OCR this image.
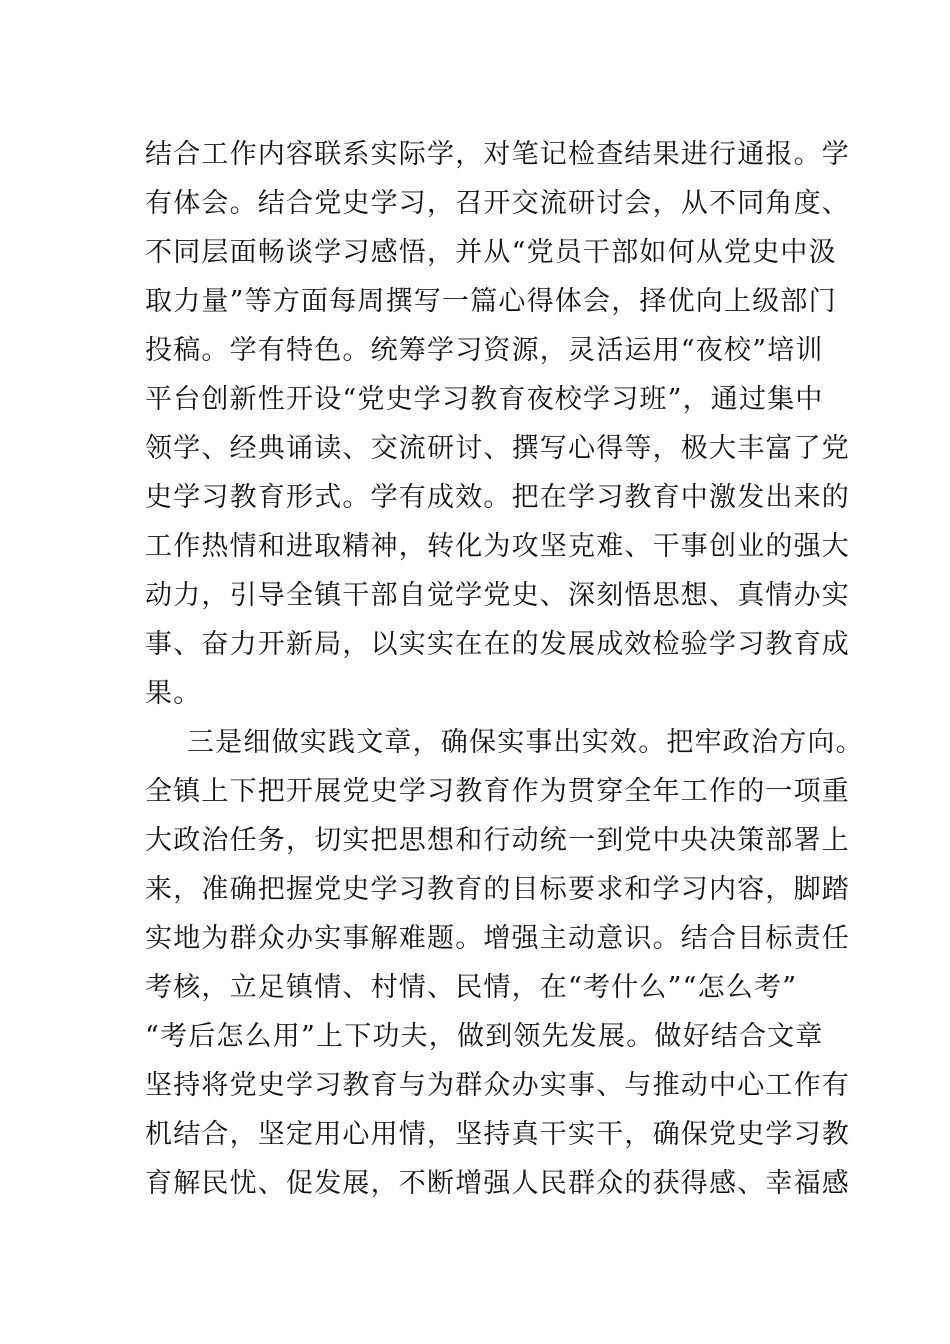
结合工作内容联系实际学，对笔记检查结果进行通报。学
有体会。结合党史学习，召开交流研讨会，从不同角度、
不同层面畅谈学习感悟，并从“党员干部如何从党史中汲
取力量”等方面每周撰写一篇心得体会，择优向上级部门
投稿。学有特色。统筹学习资源，灵活运用“夜校”培训
平台创新性开设“党史学习教育夜校学习班”，通过集中
领学、经典诵读、交流研讨、撰写心得等，极大丰富了党
史学习教育形式。学有成效。把在学习教育中激发出来的
工作热情和进取精神，转化为攻坚克难、干事创业的强大
动力，引导全镇干部自觉学党史、深刻悟思想、真情办实
事、奋力开新局，以实实在在的发展成效检验学习教育成
果。
三是细做实践文章，确保实事出实效。把牢政治方向。
全镇上下把开展党史学习教育作为贯穿全年工作的一项重
大政治任务，切实把思想和行动统一到党中央决策部署上
来，准确把握党史学习教育的目标要求和学习内容，脚踏
实地为群众办实事解难题。增强主动意识。结合目标责任
考核，立足镇情、村情、民情，在“考什么”“怎么考”
“考后怎么用”上下功夫，做到领先发展。做好结合文章
坚持将党史学习教育与为群众办实事、与推动中心工作有
机结合，坚定用心用情，坚持真干实干，确保党史学习教
育解民忧、促发展，不断增强人民群众的获得感、幸福感
